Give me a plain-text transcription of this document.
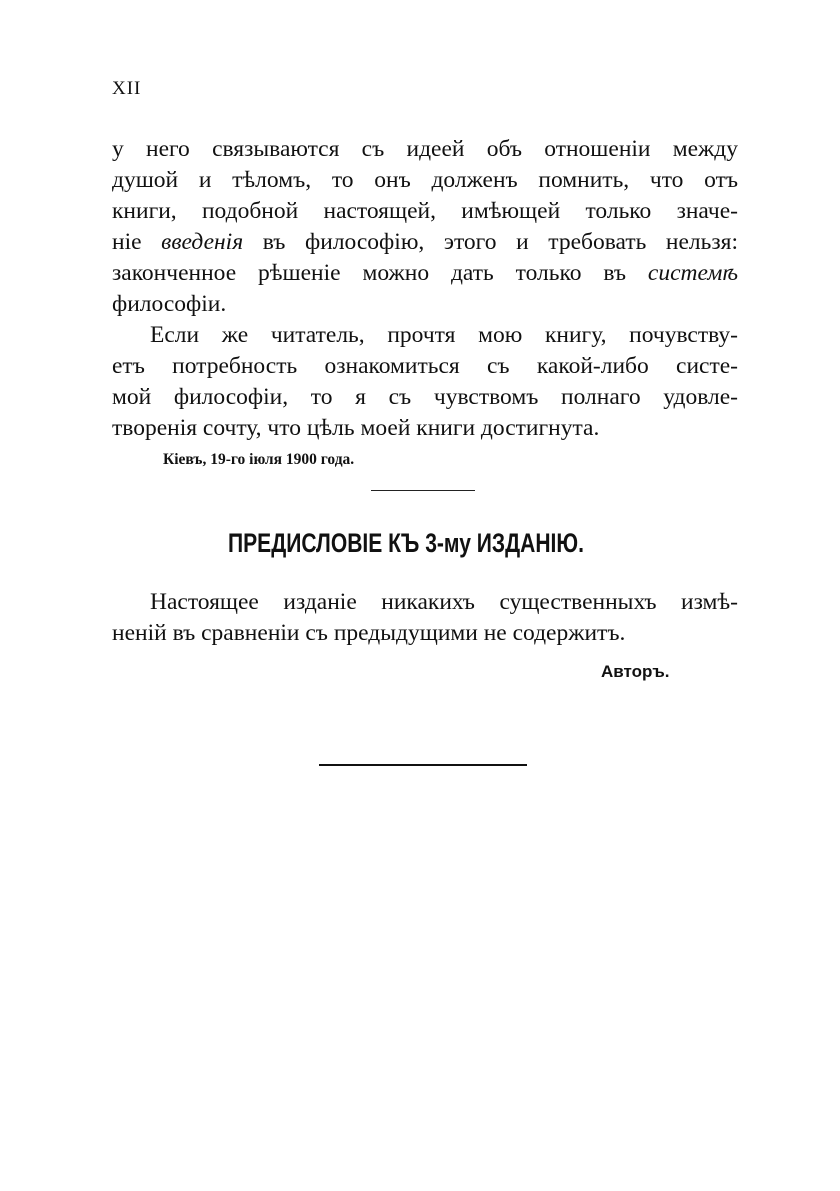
XII
у него связываются съ идеей объ отношеніи между
душой и тѣломъ, то онъ долженъ помнить, что отъ
книги, подобной настоящей, имѣющей только значе-
ніе введенія въ философію, этого и требовать нельзя:
законченное рѣшеніе можно дать только въ системѣ
философіи.
Если же читатель, прочтя мою книгу, почувству-
етъ потребность ознакомиться съ какой-либо систе-
мой философіи, то я съ чувствомъ полнаго удовле-
творенія сочту, что цѣль моей книги достигнута.
Кіевъ, 19-го іюля 1900 года.
ПРЕДИСЛОВІЕ КЪ 3-му ИЗДАНІЮ.
Настоящее изданіе никакихъ существенныхъ измѣ-
неній въ сравненіи съ предыдущими не содержитъ.
Авторъ.
